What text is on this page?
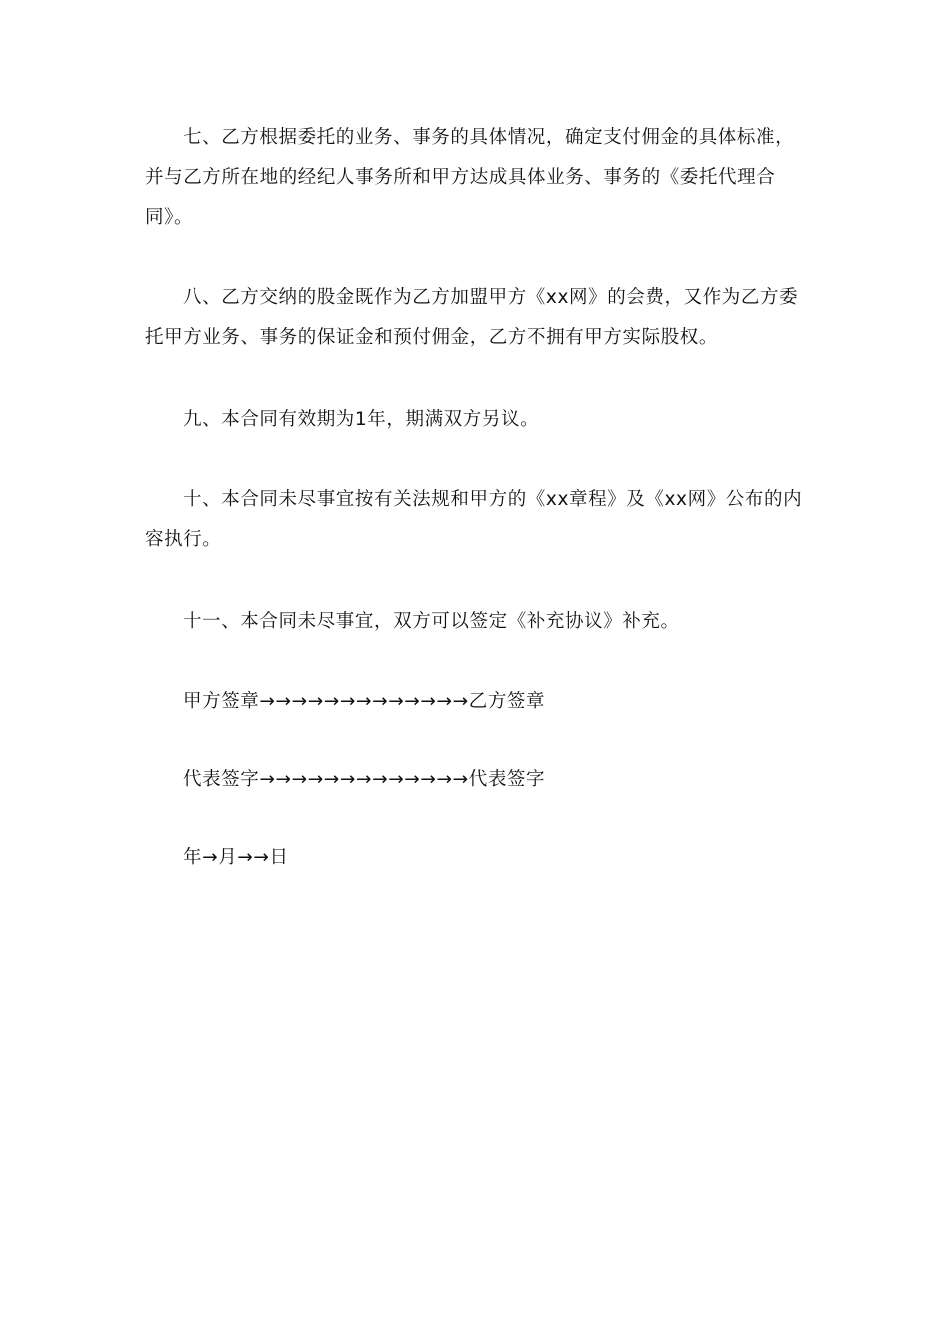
七、乙方根据委托的业务、事务的具体情况，确定支付佣金的具体标准，并与乙方所在地的经纪人事务所和甲方达成具体业务、事务的《委托代理合同》。

八、乙方交纳的股金既作为乙方加盟甲方《xx网》的会费，又作为乙方委托甲方业务、事务的保证金和预付佣金，乙方不拥有甲方实际股权。

九、本合同有效期为1年，期满双方另议。

十、本合同未尽事宜按有关法规和甲方的《xx章程》及《xx网》公布的内容执行。

十一、本合同未尽事宜，双方可以签定《补充协议》补充。

甲方签章→→→→→→→→→→→→→乙方签章

代表签字→→→→→→→→→→→→→代表签字

年→月→→日
